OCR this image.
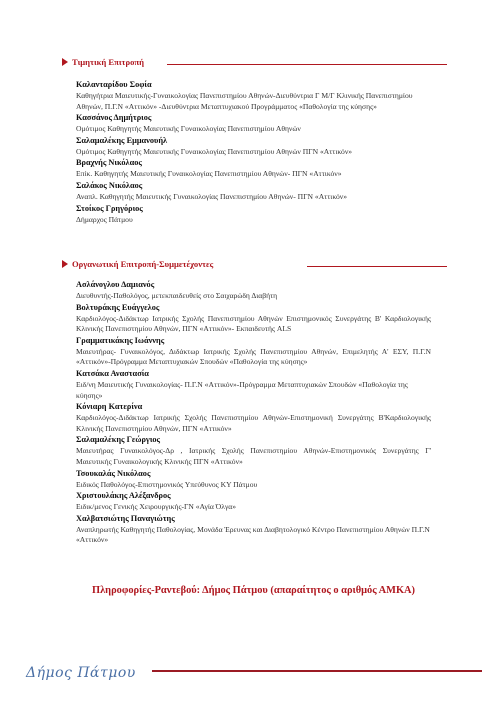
Τιμητική Επιτροπή
Καλανταρίδου Σοφία
Καθηγήτρια Μαιευτικής-Γυναικολογίας Πανεπιστημίου Αθηνών-Διευθύντρια Γ Μ/Γ Κλινικής Πανεπιστημίου Αθηνών, Π.Γ.Ν «Αττικόν» -Διευθύντρια Μεταπτυχιακού Προγράμματος «Παθολογία της κύησης»
Κασσάνος Δημήτριος
Ομότιμος Καθηγητής Μαιευτικής Γυναικολογίας Πανεπιστημίου Αθηνών
Σαλαμαλέκης Εμμανουήλ
Ομότιμος Καθηγητής Μαιευτικής Γυναικολογίας Πανεπιστημίου Αθηνών ΠΓΝ «Αττικόν»
Βραχνής Νικόλαος
Επίκ. Καθηγητής Μαιευτικής Γυναικολογίας Πανεπιστημίου Αθηνών- ΠΓΝ «Αττικόν»
Σαλάκος Νικόλαος
Αναπλ. Καθηγητής Μαιευτικής Γυναικολογίας Πανεπιστημίου Αθηνών- ΠΓΝ «Αττικόν»
Στοίκος Γρηγόριος
Δήμαρχος Πάτμου
Οργανωτική Επιτροπή-Συμμετέχοντες
Ασλάνογλου Δαμιανός
Διευθυντής-Παθολόγος, μετεκπαιδευθείς στο Σαιχαρώδη Διαβήτη
Βολτυράκης Ευάγγελος
Καρδιολόγος-Διδάκτωρ Ιατρικής Σχολής Πανεπιστημίου Αθηνών Επιστημονικός Συνεργάτης Β' Καρδιολογικής Κλινικής Πανεπιστημίου Αθηνών, ΠΓΝ «Αττικόν»- Εκπαιδευτής ALS
Γραμματικάκης Ιωάννης
Μαιευτήρας- Γυναικολόγος, Διδάκτωρ Ιατρικής Σχολής Πανεπιστημίου Αθηνών, Επιμελητής Α' ΕΣΥ, Π.Γ.Ν «Αττικόν»-Πρόγραμμα Μεταπτυχιακών Σπουδών «Παθολογία της κύησης»
Κατσάκα Αναστασία
Ειδ/νη Μαιευτικής Γυναικολογίας- Π.Γ.Ν «Αττικόν»-Πρόγραμμα Μεταπτυχιακών Σπουδών «Παθολογία της κύησης»
Κόνιαρη Κατερίνα
Καρδιολόγος-Διδάκτωρ Ιατρικής Σχολής Πανεπιστημίου Αθηνών-Επιστημονική Συνεργάτης Β'Καρδιολογικής Κλινικής Πανεπιστημίου Αθηνών, ΠΓΝ «Αττικόν»
Σαλαμαλέκης Γεώργιος
Μαιευτήρας Γυναικολόγος-Δρ , Ιατρικής Σχολής Πανεπιστημίου Αθηνών-Επιστημονικός Συνεργάτης Γ' Μαιευτικής Γυναικολογικής Κλινικής ΠΓΝ «Αττικόν»
Τσουκαλάς Νικόλαος
Ειδικός Παθολόγος-Επιστημονικός Υπεύθυνος ΚΥ Πάτμου
Χριστουλάκης Αλέξανδρος
Ειδικ/μενος Γενικής Χειρουργικής-ΓΝ «Αγία Όλγα»
Χαλβατσιώτης Παναγιώτης
Αναπληρωτής Καθηγητής Παθολογίας, Μονάδα Έρευνας και Διαβητολογικό Κέντρο Πανεπιστημίου Αθηνών Π.Γ.Ν «Αττικόν»
Πληροφορίες-Ραντεβού: Δήμος Πάτμου (απαραίτητος ο αριθμός ΑΜΚΑ)
Δήμος Πάτμου
